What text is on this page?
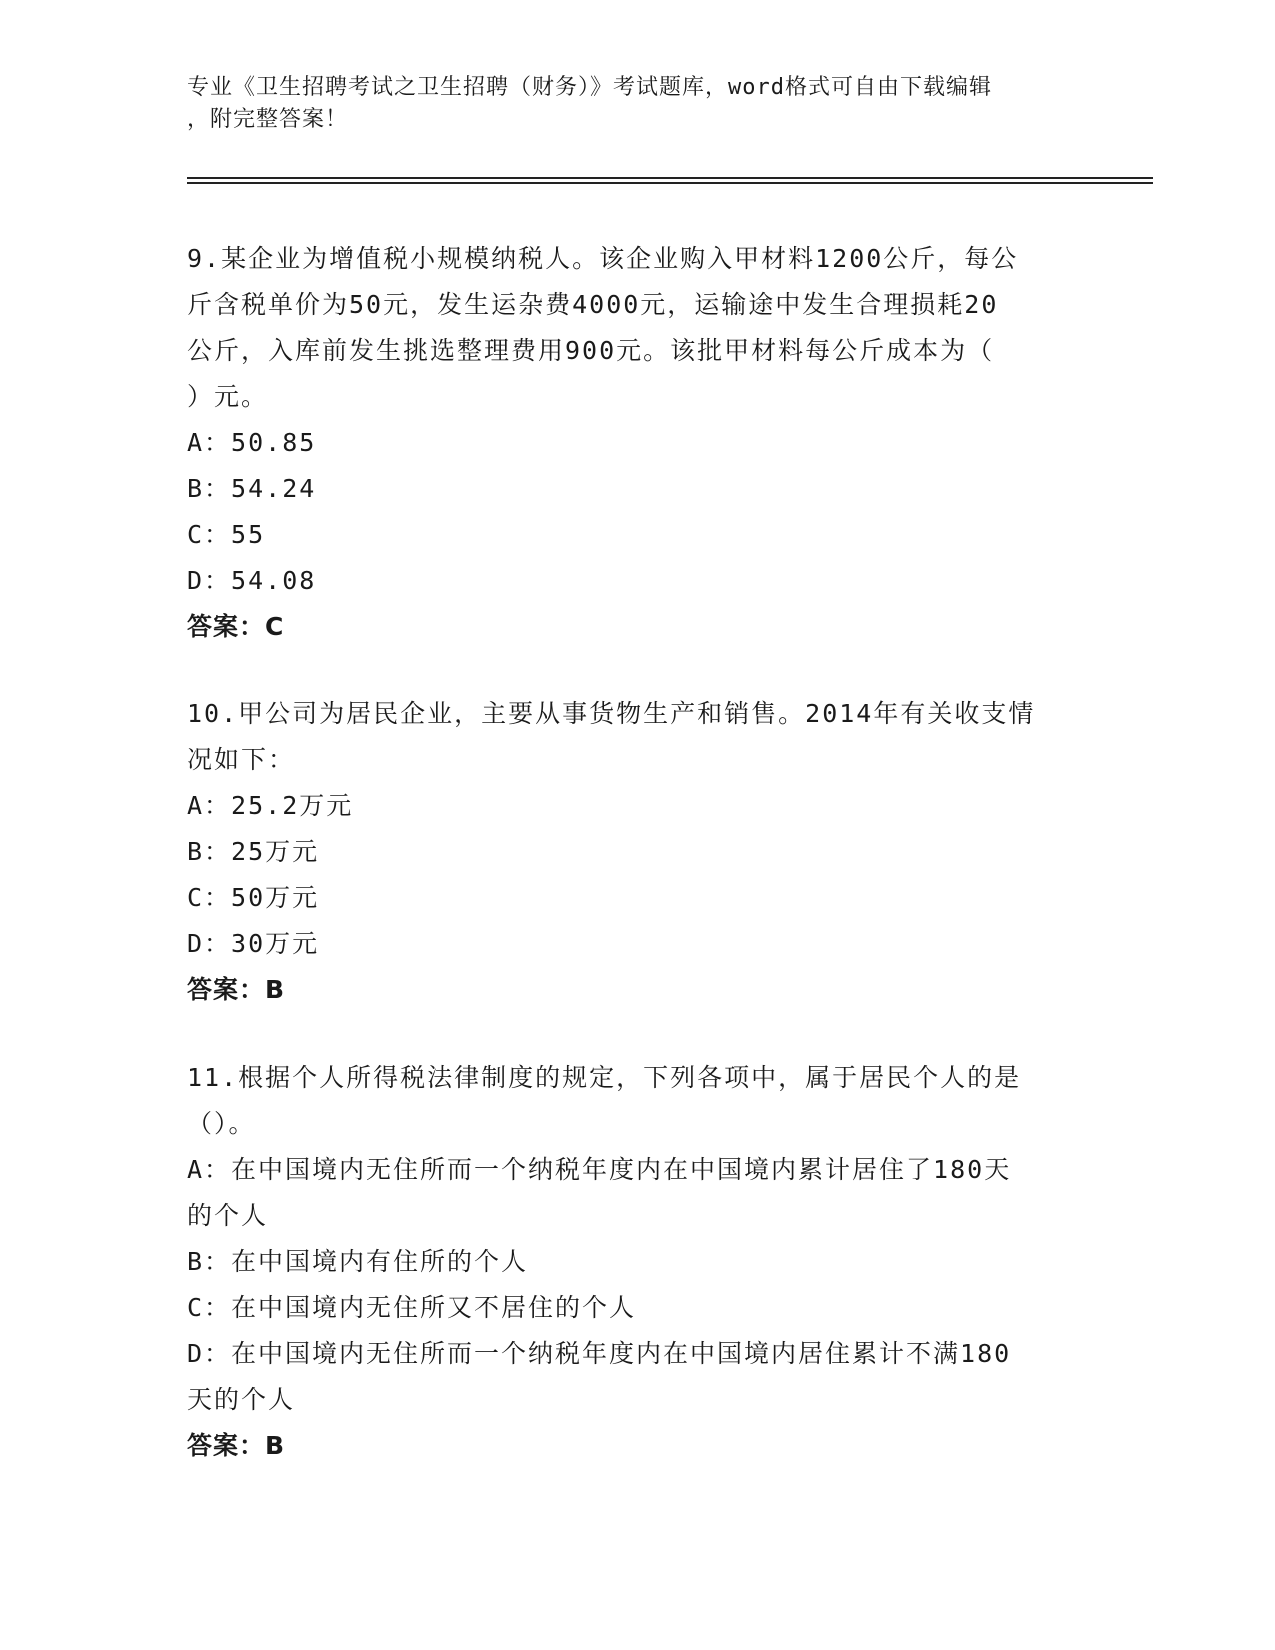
专业《卫生招聘考试之卫生招聘（财务）》考试题库，word格式可自由下载编辑
，附完整答案！
9.某企业为增值税小规模纳税人。该企业购入甲材料1200公斤，每公
斤含税单价为50元，发生运杂费4000元，运输途中发生合理损耗20
公斤，入库前发生挑选整理费用900元。该批甲材料每公斤成本为（
）元。
A：50.85
B：54.24
C：55
D：54.08
答案：C
10.甲公司为居民企业，主要从事货物生产和销售。2014年有关收支情
况如下：
A：25.2万元
B：25万元
C：50万元
D：30万元
答案：B
11.根据个人所得税法律制度的规定，下列各项中，属于居民个人的是
（）。
A：在中国境内无住所而一个纳税年度内在中国境内累计居住了180天
的个人
B：在中国境内有住所的个人
C：在中国境内无住所又不居住的个人
D：在中国境内无住所而一个纳税年度内在中国境内居住累计不满180
天的个人
答案：B
